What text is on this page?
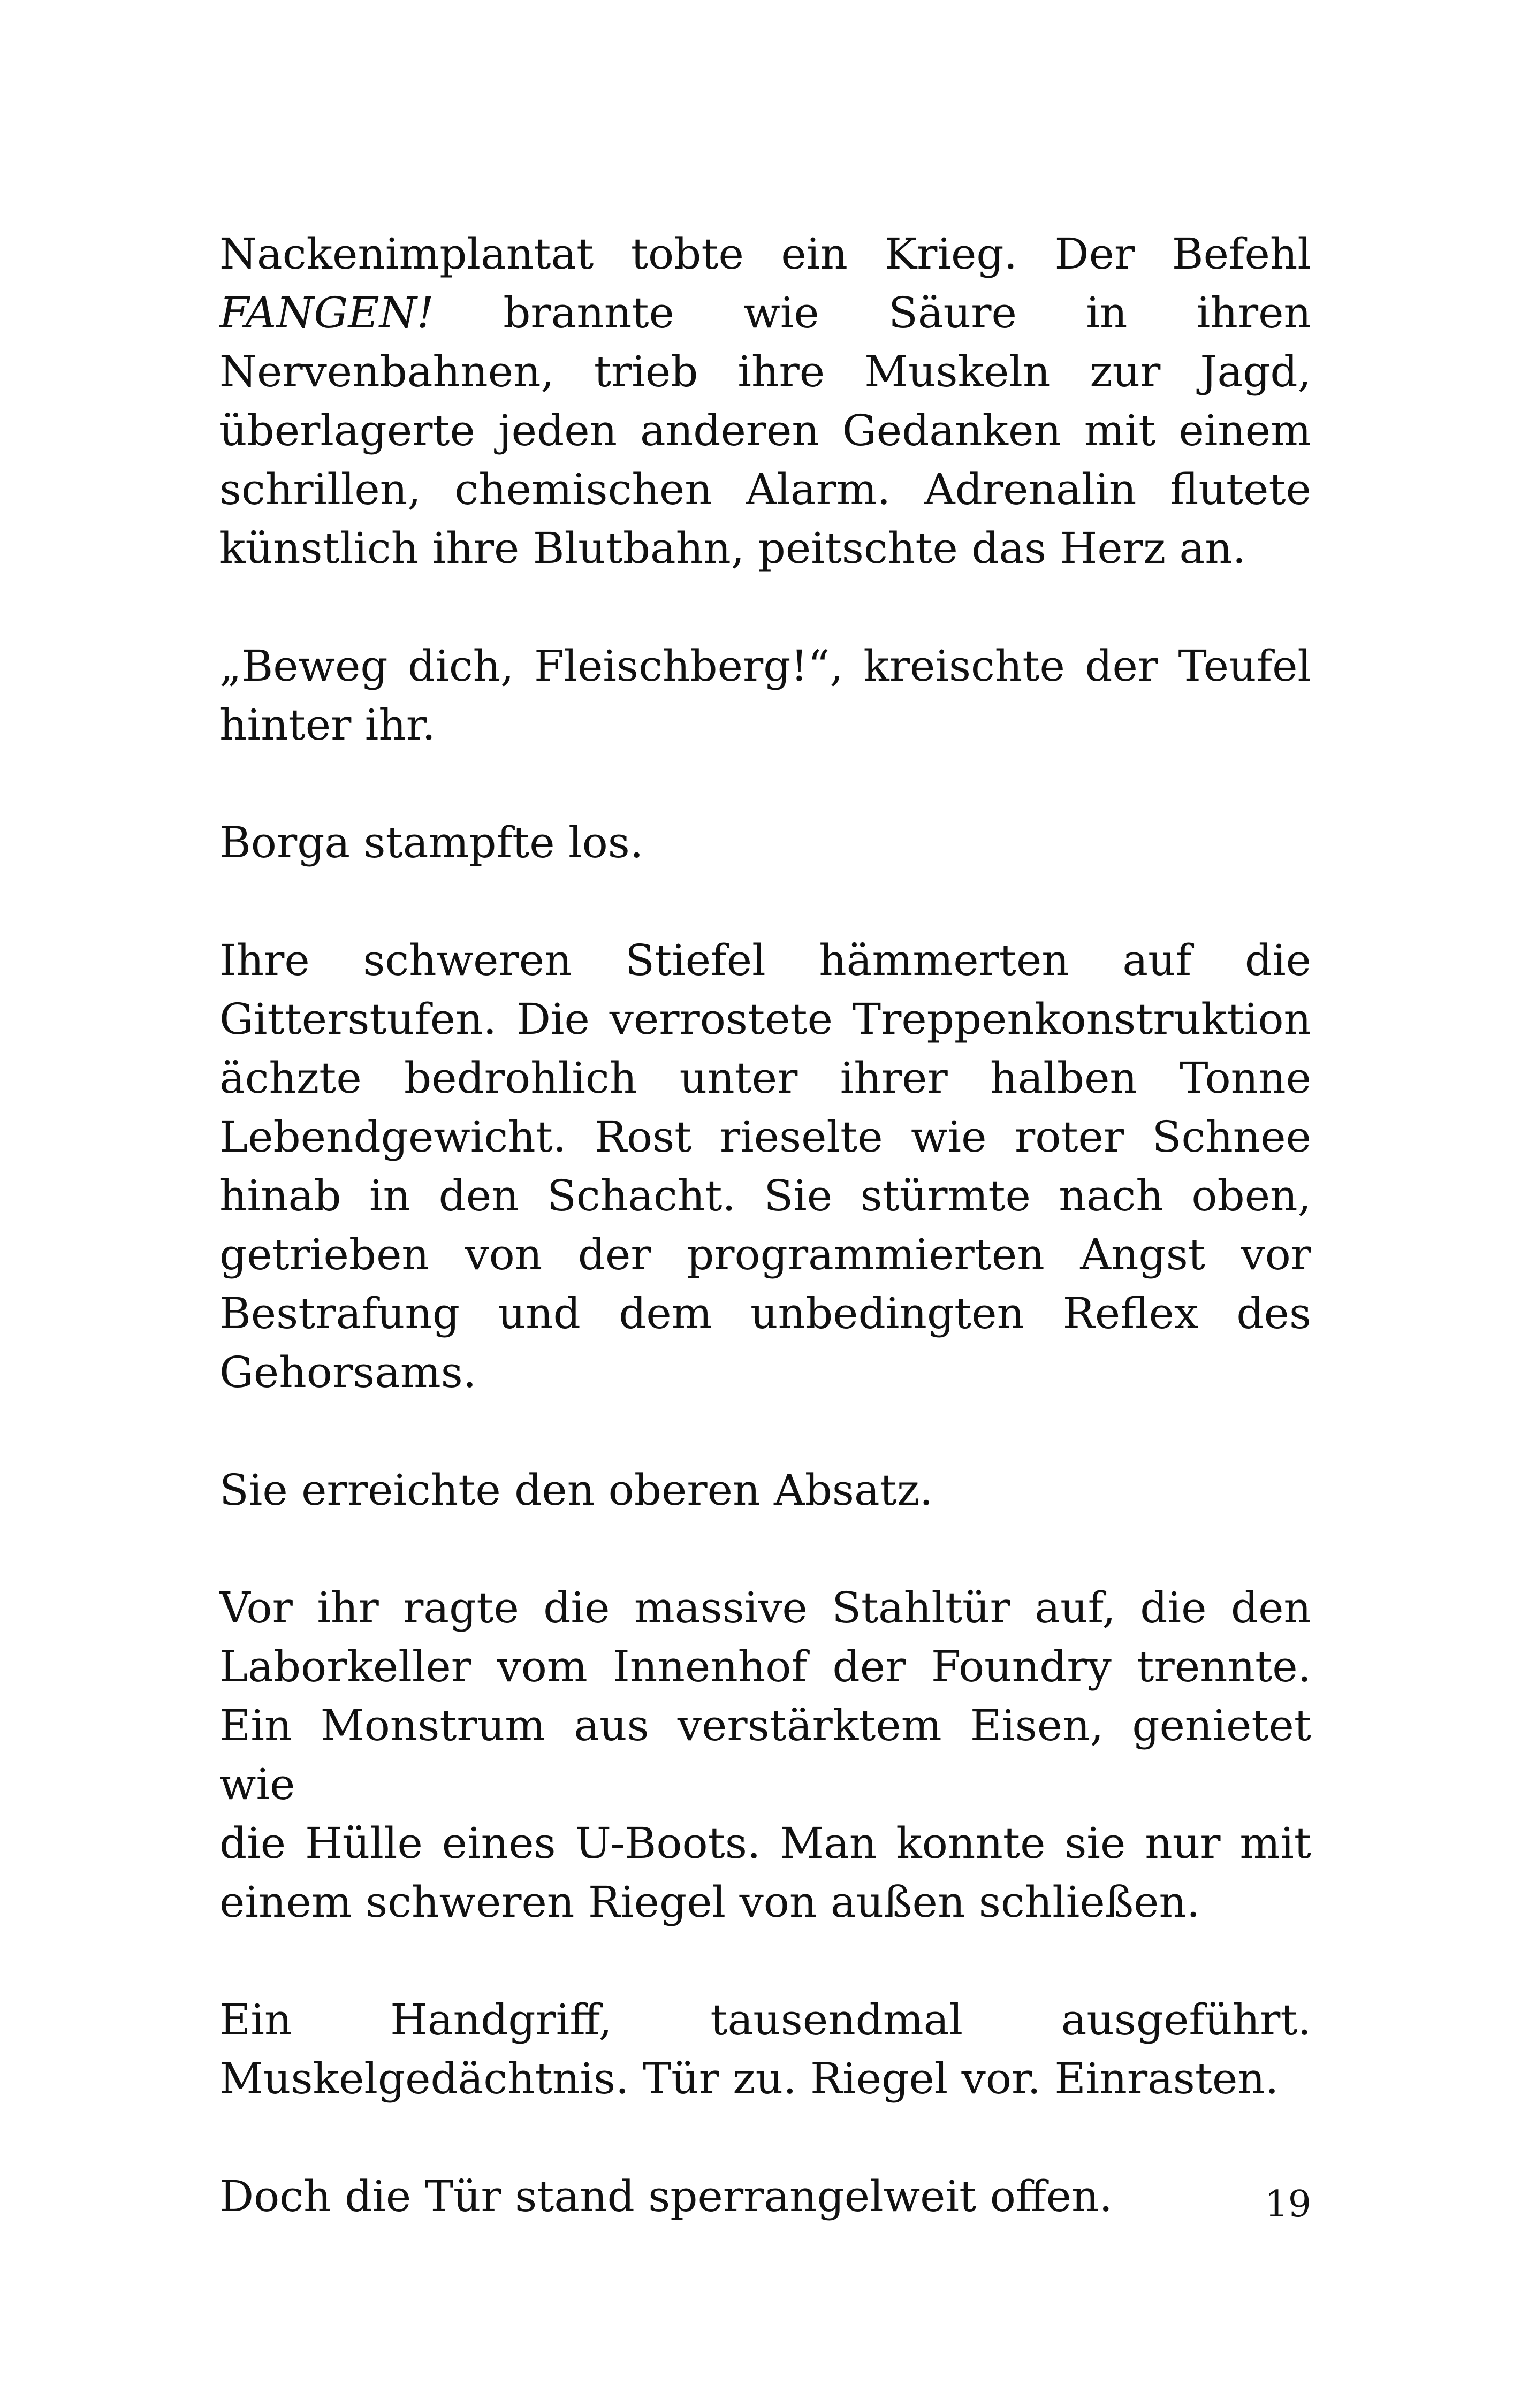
Nackenimplantat tobte ein Krieg. Der Befehl
FANGEN! brannte wie Säure in ihren
Nervenbahnen, trieb ihre Muskeln zur Jagd,
überlagerte jeden anderen Gedanken mit einem
schrillen, chemischen Alarm. Adrenalin flutete
künstlich ihre Blutbahn, peitschte das Herz an.

„Beweg dich, Fleischberg!“, kreischte der Teufel
hinter ihr.

Borga stampfte los.

Ihre schweren Stiefel hämmerten auf die
Gitterstufen. Die verrostete Treppenkonstruktion
ächzte bedrohlich unter ihrer halben Tonne
Lebendgewicht. Rost rieselte wie roter Schnee
hinab in den Schacht. Sie stürmte nach oben,
getrieben von der programmierten Angst vor
Bestrafung und dem unbedingten Reflex des
Gehorsams.

Sie erreichte den oberen Absatz.

Vor ihr ragte die massive Stahltür auf, die den
Laborkeller vom Innenhof der Foundry trennte.
Ein Monstrum aus verstärktem Eisen, genietet wie
die Hülle eines U-Boots. Man konnte sie nur mit
einem schweren Riegel von außen schließen.

Ein Handgriff, tausendmal ausgeführt.
Muskelgedächtnis. Tür zu. Riegel vor. Einrasten.

Doch die Tür stand sperrangelweit offen.	19
